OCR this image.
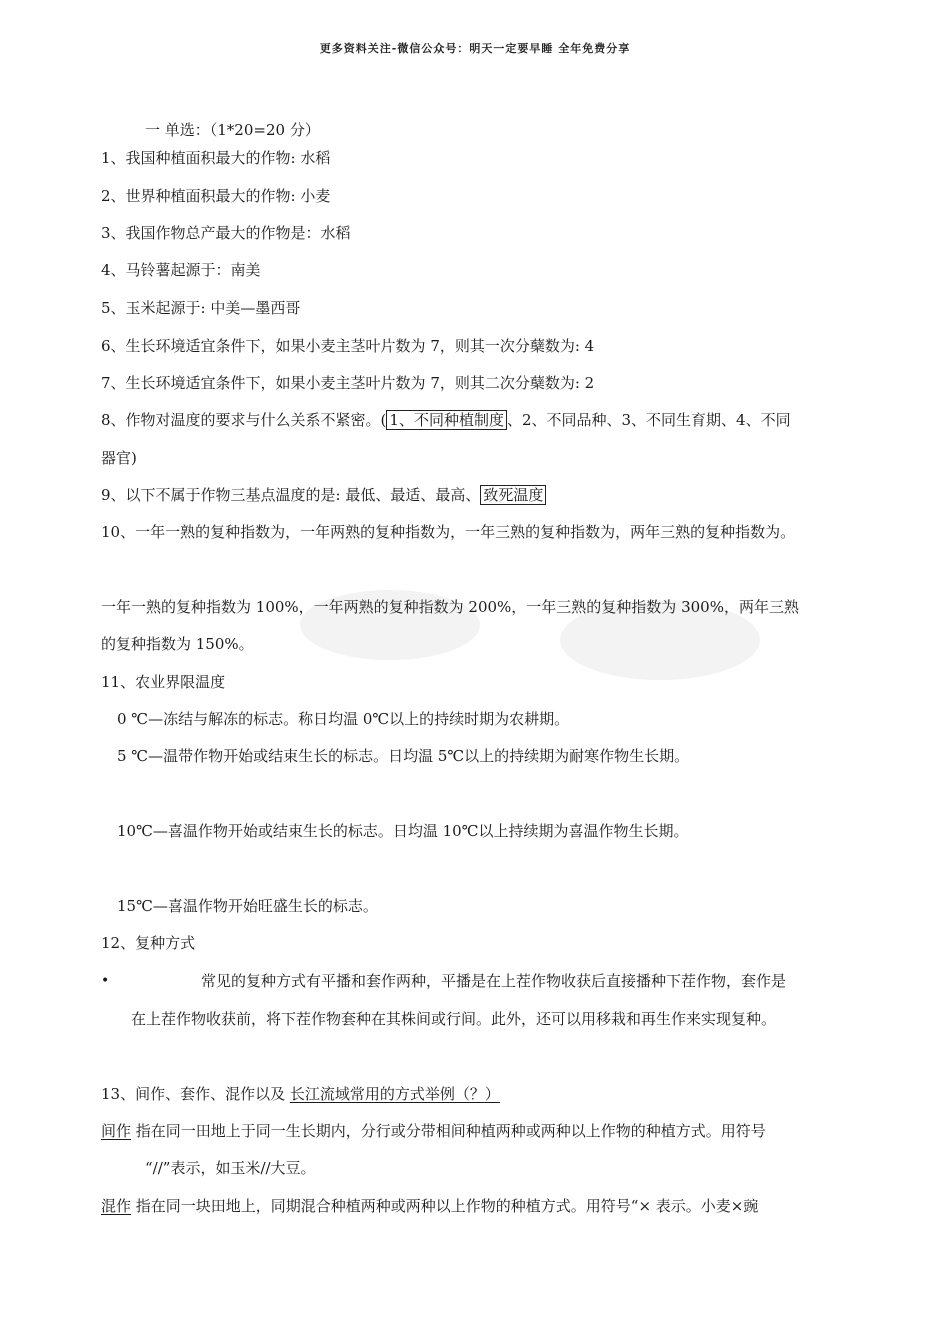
更多资料关注-微信公众号：明天一定要早睡 全年免费分享
一 单选：（1*20=20 分）
1、我国种植面积最大的作物: 水稻
2、世界种植面积最大的作物: 小麦
3、我国作物总产最大的作物是：水稻
4、马铃薯起源于：南美
5、玉米起源于: 中美—墨西哥
6、生长环境适宜条件下，如果小麦主茎叶片数为 7，则其一次分蘖数为: 4
7、生长环境适宜条件下，如果小麦主茎叶片数为 7，则其二次分蘖数为: 2
8、作物对温度的要求与什么关系不紧密。( 1、不同种植制度 、2、不同品种、3、不同生育期、4、不同
器官)
9、以下不属于作物三基点温度的是: 最低、最适、最高、 致死温度
10、一年一熟的复种指数为，一年两熟的复种指数为，一年三熟的复种指数为，两年三熟的复种指数为。
一年一熟的复种指数为 100%，一年两熟的复种指数为 200%，一年三熟的复种指数为 300%，两年三熟
的复种指数为 150%。
11、农业界限温度
0 ℃—冻结与解冻的标志。称日均温 0℃以上的持续时期为农耕期。
5 ℃—温带作物开始或结束生长的标志。日均温 5℃以上的持续期为耐寒作物生长期。
10℃—喜温作物开始或结束生长的标志。日均温 10℃以上持续期为喜温作物生长期。
15℃—喜温作物开始旺盛生长的标志。
12、复种方式
•	常见的复种方式有平播和套作两种，平播是在上茬作物收获后直接播种下茬作物，套作是
在上茬作物收获前，将下茬作物套种在其株间或行间。此外，还可以用移栽和再生作来实现复种。
13、间作、套作、混作以及 长江流域常用的方式举例（？）
间作 指在同一田地上于同一生长期内，分行或分带相间种植两种或两种以上作物的种植方式。用符号
“//”表示，如玉米//大豆。
混作 指在同一块田地上，同期混合种植两种或两种以上作物的种植方式。用符号“× 表示。小麦×豌
